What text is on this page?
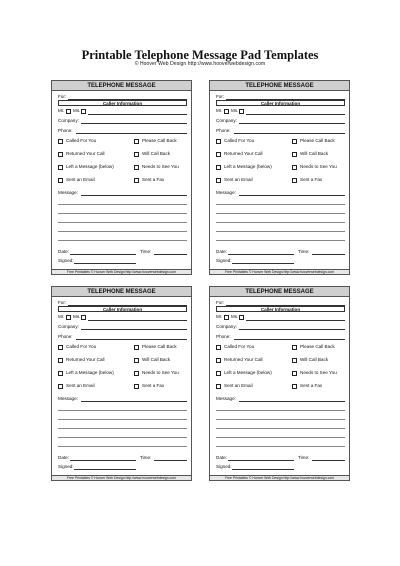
Printable Telephone Message Pad Templates
© Hoover Web Design http://www.hooverwebdesign.com
TELEPHONE MESSAGE
For:
Caller Information
Mr. Ms.
Company:
Phone:
Called For You	Please Call Back
Returned Your Call	Will Call Back
Left a Message (below)	Needs to See You
Sent an Email	Sent a Fax
Message:
Date:	Time:
Signed:
Free Printables © Hoover Web Design http://www.hooverwebdesign.com
TELEPHONE MESSAGE
For:
Caller Information
Mr. Ms.
Company:
Phone:
Called For You	Please Call Back
Returned Your Call	Will Call Back
Left a Message (below)	Needs to See You
Sent an Email	Sent a Fax
Message:
Date:	Time:
Signed:
Free Printables © Hoover Web Design http://www.hooverwebdesign.com
TELEPHONE MESSAGE
For:
Caller Information
Mr. Ms.
Company:
Phone:
Called For You	Please Call Back
Returned Your Call	Will Call Back
Left a Message (below)	Needs to See You
Sent an Email	Sent a Fax
Message:
Date:	Time:
Signed:
Free Printables © Hoover Web Design http://www.hooverwebdesign.com
TELEPHONE MESSAGE
For:
Caller Information
Mr. Ms.
Company:
Phone:
Called For You	Please Call Back
Returned Your Call	Will Call Back
Left a Message (below)	Needs to See You
Sent an Email	Sent a Fax
Message:
Date:	Time:
Signed:
Free Printables © Hoover Web Design http://www.hooverwebdesign.com
